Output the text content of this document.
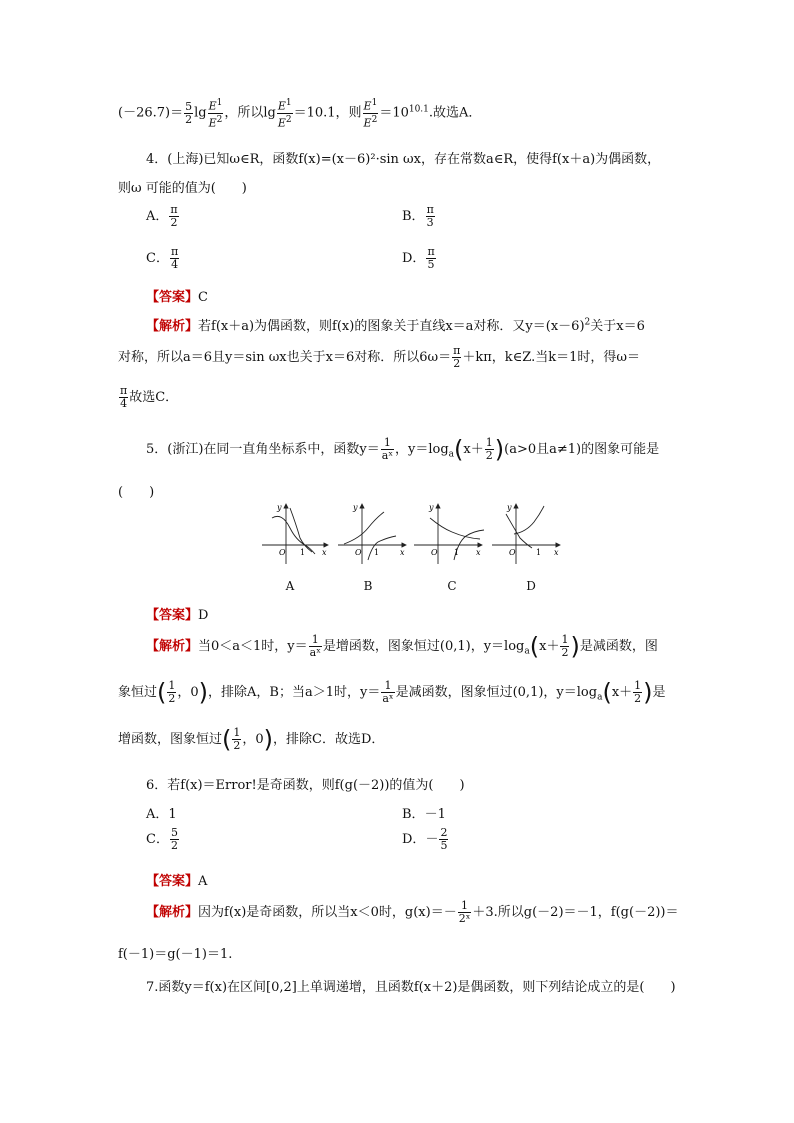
$(-26.7)= \frac{5}{2}$ $\lg \frac{E^1}{E^2}$ ，所以$\lg \frac{E^1}{E^2} =10.1$，则 $\frac{E^1}{E^2} =10^{10.1}$.故选A．
4．(上海)已知ω∈R，函数f(x)=(x－6)²·sin ωx，存在常数a∈R，使得f(x＋a)为偶函数，
则ω 可能的值为(　　)
A． $\frac{\pi}{2}$	B． $\frac{\pi}{3}$
C． $\frac{\pi}{4}$	D． $\frac{\pi}{5}$
【答案】C
【解析】若f(x＋a)为偶函数，则f(x)的图象关于直线x＝a对称．又$y=(x-6)^2$关于x＝6
对称，所以a＝6且y＝sin ωx也关于x＝6对称．所以$6\omega= \frac{\pi}{2} +k\pi$，k∈Z.当k＝1时，得ω＝
$\frac{\pi}{4}$ 故选C．
5．(浙江)在同一直角坐标系中，函数$y= \frac{1}{\text{aˣ}}$ ，$y=\log_a(x+ \frac{1}{2} )(a>0$且a≠1)的图象可能是
(　　)
y
x
O 1
y
x
O 1
y
x
O 1
y
x
O	1
A	B	C	D
【答案】D
【解析】当0＜a＜1时，$y= \frac{1}{\text{aˣ}}$ 是增函数，图象恒过(0,1)，$y=\log_a(x+ \frac{1}{2}$ )是减函数，图
象恒过( $\frac{1}{2}$ ，0)，排除A，B；当a＞1时，$y= \frac{1}{\text{aˣ}}$ 是减函数，图象恒过(0,1)，$y=\log_a(x+ \frac{1}{2}$ )是
增函数，图象恒过( $\frac{1}{2}$ ，0)，排除C．故选D．
6．若f(x)＝Error!是奇函数，则f(g(－2))的值为(　　)
A．1	B．－1
C． $\frac{5}{2}$	D．－ $\frac{2}{5}$
【答案】A
【解析】因为f(x)是奇函数，所以当x＜0时，$g(x)=- \frac{1}{\text{2ˣ}} +3$.所以g(－2)＝－1，f(g(－2))＝
f(－1)＝g(－1)＝1.
7.函数y＝f(x)在区间[0,2]上单调递增，且函数f(x＋2)是偶函数，则下列结论成立的是(　　)
